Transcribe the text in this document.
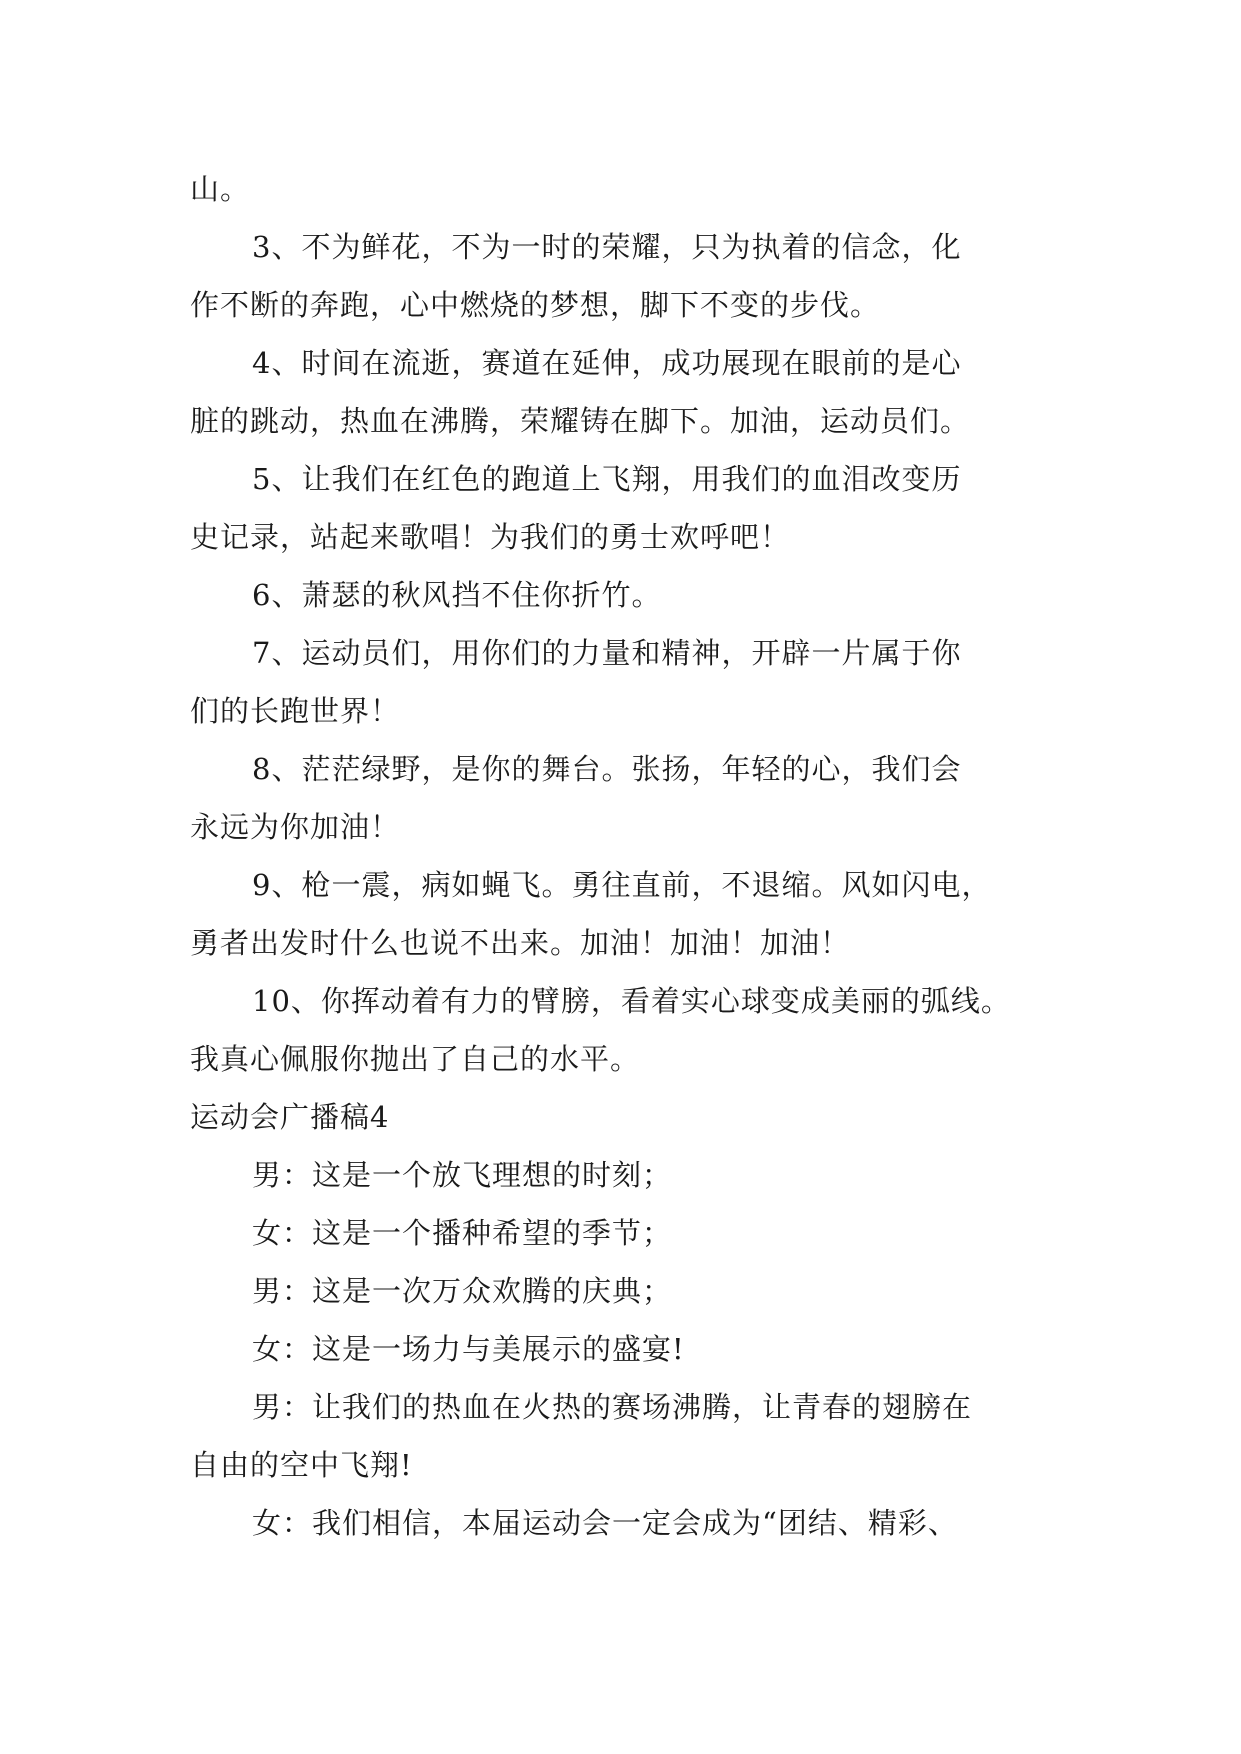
山。
3、不为鲜花，不为一时的荣耀，只为执着的信念，化
作不断的奔跑，心中燃烧的梦想，脚下不变的步伐。
4、时间在流逝，赛道在延伸，成功展现在眼前的是心
脏的跳动，热血在沸腾，荣耀铸在脚下。加油，运动员们。
5、让我们在红色的跑道上飞翔，用我们的血泪改变历
史记录，站起来歌唱！为我们的勇士欢呼吧！
6、萧瑟的秋风挡不住你折竹。
7、运动员们，用你们的力量和精神，开辟一片属于你
们的长跑世界！
8、茫茫绿野，是你的舞台。张扬，年轻的心，我们会
永远为你加油！
9、枪一震，病如蝇飞。勇往直前，不退缩。风如闪电，
勇者出发时什么也说不出来。加油！加油！加油！
10、你挥动着有力的臂膀，看着实心球变成美丽的弧线。
我真心佩服你抛出了自己的水平。
运动会广播稿4
男：这是一个放飞理想的时刻；
女：这是一个播种希望的季节；
男：这是一次万众欢腾的庆典；
女：这是一场力与美展示的盛宴!
男：让我们的热血在火热的赛场沸腾，让青春的翅膀在
自由的空中飞翔!
女：我们相信，本届运动会一定会成为“团结、精彩、
